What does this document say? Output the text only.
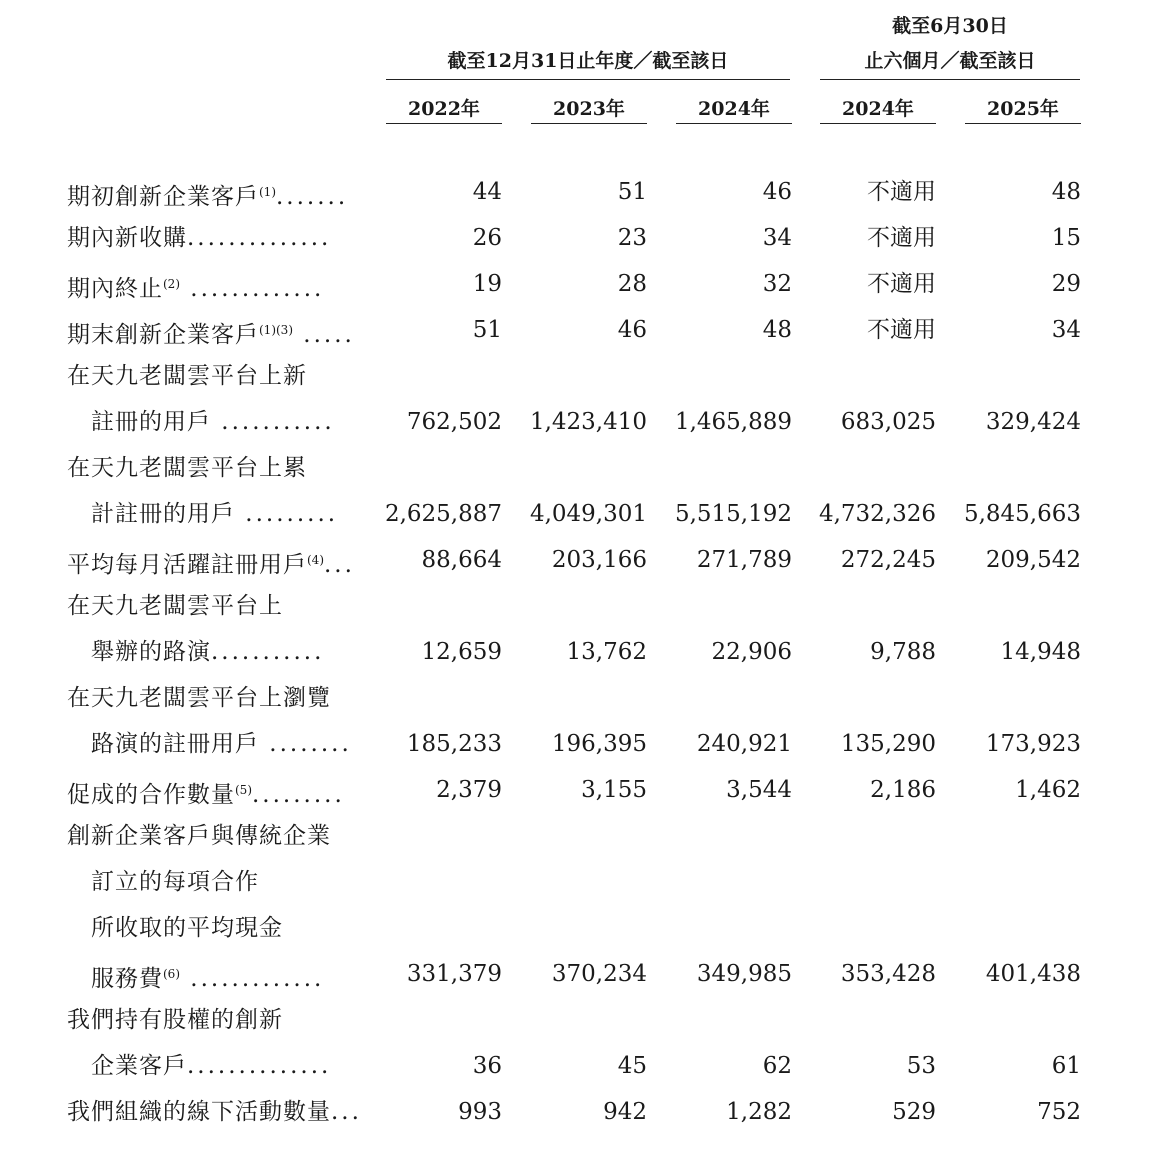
截至6月30日
截至12月31日止年度／截至該日	止六個月／截至該日
2022年	2023年	2024年	2024年	2025年
期初創新企業客戶$^{(1)}$.......	44	51	46	不適用	48
期內新收購..............	26	23	34	不適用	15
期內終止$^{(2)}$ .............	19	28	32	不適用	29
期末創新企業客戶$^{(1)(3)}$ .....	51	46	48	不適用	34
在天九老闆雲平台上新
註冊的用戶 ...........	762,502	1,423,410	1,465,889	683,025	329,424
在天九老闆雲平台上累
計註冊的用戶 .........	2,625,887	4,049,301	5,515,192	4,732,326	5,845,663
平均每月活躍註冊用戶$^{(4)}$...	88,664	203,166	271,789	272,245	209,542
在天九老闆雲平台上
舉辦的路演...........	12,659	13,762	22,906	9,788	14,948
在天九老闆雲平台上瀏覽
路演的註冊用戶 ........	185,233	196,395	240,921	135,290	173,923
促成的合作數量$^{(5)}$.........	2,379	3,155	3,544	2,186	1,462
創新企業客戶與傳統企業
訂立的每項合作
所收取的平均現金
服務費$^{(6)}$ .............	331,379	370,234	349,985	353,428	401,438
我們持有股權的創新
企業客戶..............	36	45	62	53	61
我們組織的線下活動數量...	993	942	1,282	529	752
